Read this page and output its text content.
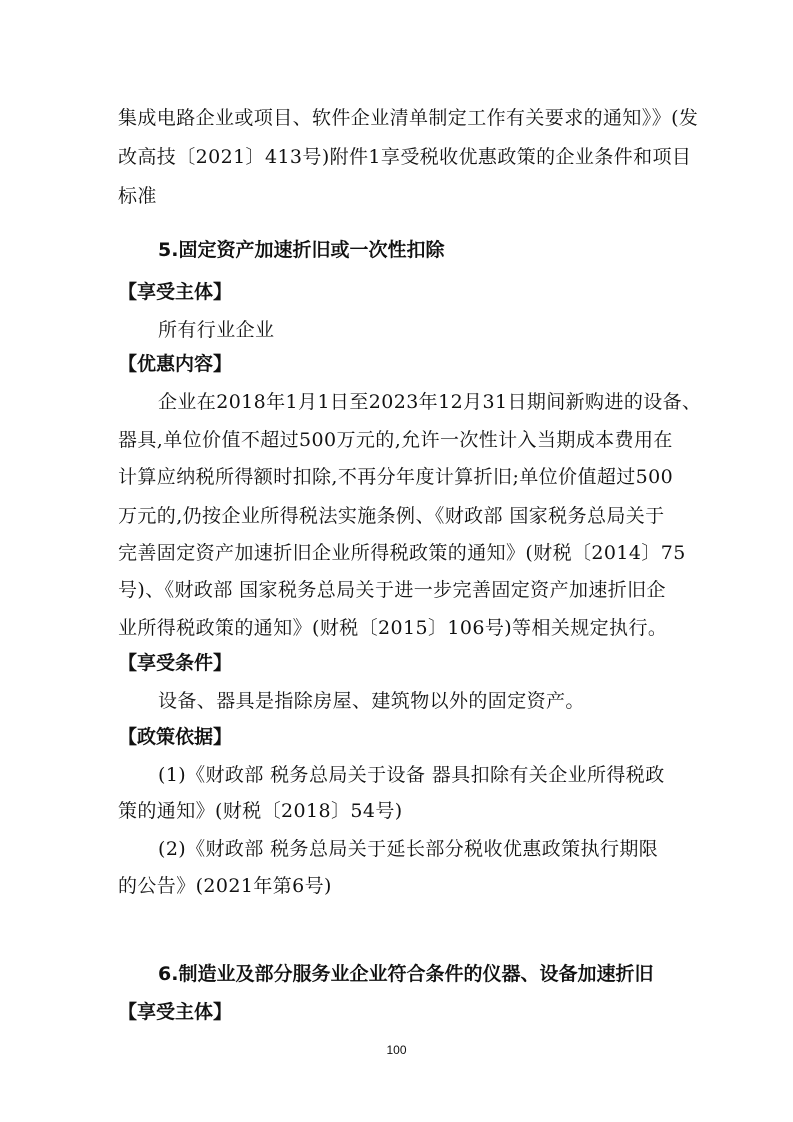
集成电路企业或项目、软件企业清单制定工作有关要求的通知》》(发
改高技〔2021〕413号)附件1享受税收优惠政策的企业条件和项目
标准
5.固定资产加速折旧或一次性扣除
【享受主体】
所有行业企业
【优惠内容】
企业在2018年1月1日至2023年12月31日期间新购进的设备、
器具,单位价值不超过500万元的,允许一次性计入当期成本费用在
计算应纳税所得额时扣除,不再分年度计算折旧;单位价值超过500
万元的,仍按企业所得税法实施条例、《财政部 国家税务总局关于
完善固定资产加速折旧企业所得税政策的通知》(财税〔2014〕75
号)、《财政部 国家税务总局关于进一步完善固定资产加速折旧企
业所得税政策的通知》(财税〔2015〕106号)等相关规定执行。
【享受条件】
设备、器具是指除房屋、建筑物以外的固定资产。
【政策依据】
(1)《财政部 税务总局关于设备 器具扣除有关企业所得税政
策的通知》(财税〔2018〕54号)
(2)《财政部 税务总局关于延长部分税收优惠政策执行期限
的公告》(2021年第6号)
6.制造业及部分服务业企业符合条件的仪器、设备加速折旧
【享受主体】
100
